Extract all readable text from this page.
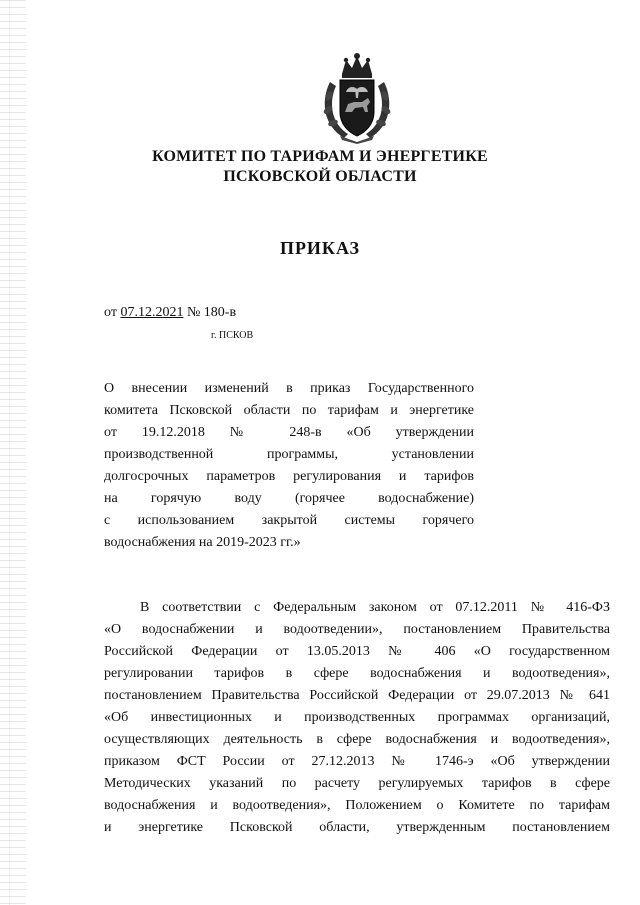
КОМИТЕТ ПО ТАРИФАМ И ЭНЕРГЕТИКЕ
ПСКОВСКОЙ ОБЛАСТИ
ПРИКАЗ
от 07.12.2021 № 180-в
г. ПСКОВ
О внесении изменений в приказ Государственного
комитета Псковской области по тарифам и энергетике
от 19.12.2018 № 248-в «Об утверждении
производственной программы, установлении
долгосрочных параметров регулирования и тарифов
на горячую воду (горячее водоснабжение)
с использованием закрытой системы горячего
водоснабжения на 2019-2023 гг.»
В соответствии с Федеральным законом от 07.12.2011 № 416-ФЗ
«О водоснабжении и водоотведении», постановлением Правительства
Российской Федерации от 13.05.2013 № 406 «О государственном
регулировании тарифов в сфере водоснабжения и водоотведения»,
постановлением Правительства Российской Федерации от 29.07.2013 № 641
«Об инвестиционных и производственных программах организаций,
осуществляющих деятельность в сфере водоснабжения и водоотведения»,
приказом ФСТ России от 27.12.2013 № 1746-э «Об утверждении
Методических указаний по расчету регулируемых тарифов в сфере
водоснабжения и водоотведения», Положением о Комитете по тарифам
и энергетике Псковской области, утвержденным постановлением
